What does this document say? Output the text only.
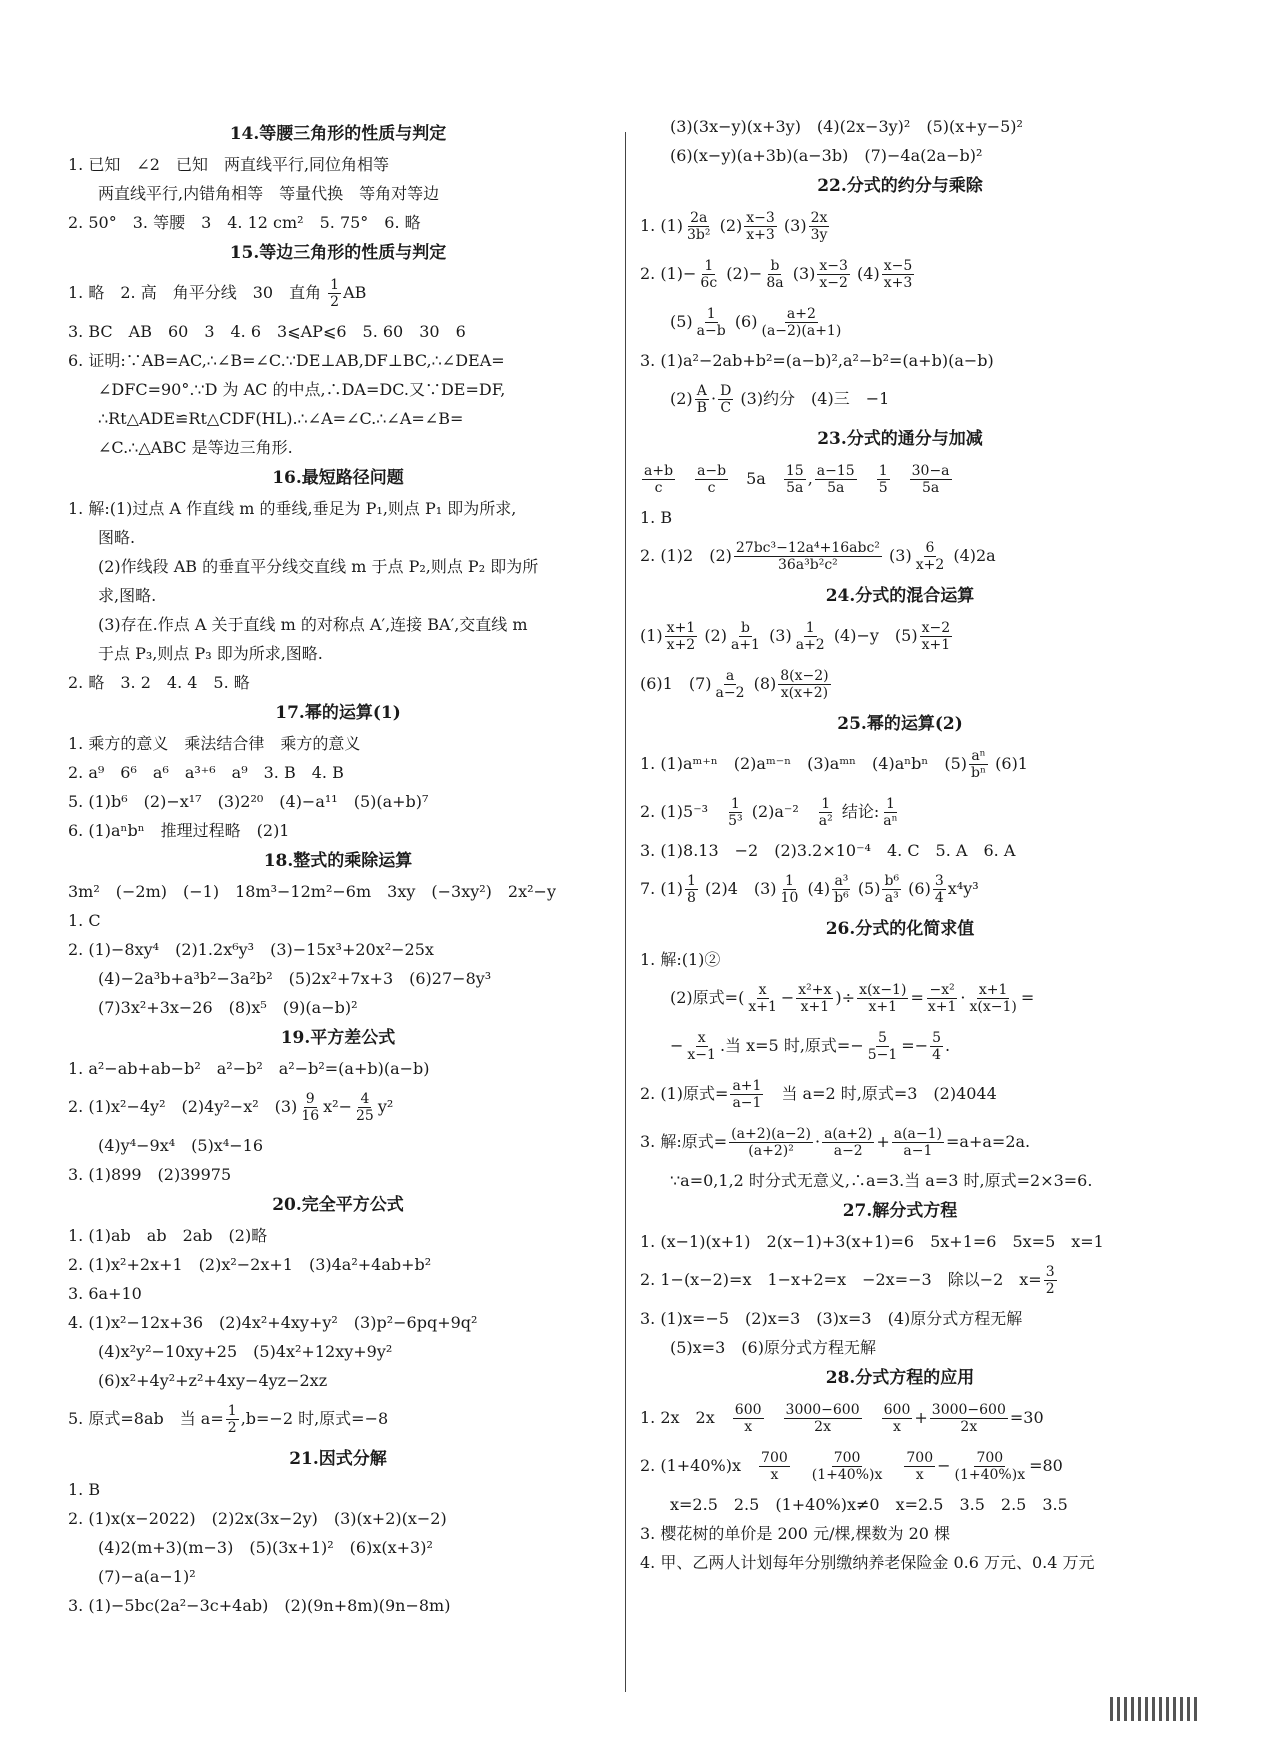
14.等腰三角形的性质与判定
1. 已知　∠2　已知　两直线平行,同位角相等
两直线平行,内错角相等　等量代换　等角对等边
2. 50°　3. 等腰　3　4. 12 cm²　5. 75°　6. 略
15.等边三角形的性质与判定
1. 略　2. 高　角平分线　30　直角 $\frac{1}{2}$ AB
3. BC　AB　60　3　4. 6　3⩽AP⩽6　5. 60　30　6
6. 证明:∵AB=AC,∴∠B=∠C.∵DE⊥AB,DF⊥BC,∴∠DEA=
∠DFC=90°.∵D 为 AC 的中点,∴DA=DC.又∵DE=DF,
∴Rt△ADE≌Rt△CDF(HL).∴∠A=∠C.∴∠A=∠B=
∠C.∴△ABC 是等边三角形.
16.最短路径问题
1. 解:(1)过点 A 作直线 m 的垂线,垂足为 P₁,则点 P₁ 即为所求,
图略.
(2)作线段 AB 的垂直平分线交直线 m 于点 P₂,则点 P₂ 即为所
求,图略.
(3)存在.作点 A 关于直线 m 的对称点 A′,连接 BA′,交直线 m
于点 P₃,则点 P₃ 即为所求,图略.
2. 略　3. 2　4. 4　5. 略
17.幂的运算(1)
1. 乘方的意义　乘法结合律　乘方的意义
2. a⁹　6⁶　a⁶　a³⁺⁶　a⁹　3. B　4. B
5. (1)b⁶　(2)−x¹⁷　(3)2²⁰　(4)−a¹¹　(5)(a+b)⁷
6. (1)aⁿbⁿ　推理过程略　(2)1
18.整式的乘除运算
3m²　(−2m)　(−1)　18m³−12m²−6m　3xy　(−3xy²)　2x²−y
1. C
2. (1)−8xy⁴　(2)1.2x⁶y³　(3)−15x³+20x²−25x
(4)−2a³b+a³b²−3a²b²　(5)2x²+7x+3　(6)27−8y³
(7)3x²+3x−26　(8)x⁵　(9)(a−b)²
19.平方差公式
1. a²−ab+ab−b²　a²−b²　a²−b²=(a+b)(a−b)
2. (1)x²−4y²　(2)4y²−x²　$(3) \frac{9}{16} x^2- \frac{4}{25} y^2$
(4)y⁴−9x⁴　(5)x⁴−16
3. (1)899　(2)39975
20.完全平方公式
1. (1)ab　ab　2ab　(2)略
2. (1)x²+2x+1　(2)x²−2x+1　(3)4a²+4ab+b²
3. 6a+10
4. (1)x²−12x+36　(2)4x²+4xy+y²　(3)p²−6pq+9q²
(4)x²y²−10xy+25　(5)4x²+12xy+9y²
(6)x²+4y²+z²+4xy−4yz−2xz
5. 原式=8ab　当 $a= \frac{1}{2} ,b=-2$ 时,原式=−8
21.因式分解
1. B
2. (1)x(x−2022)　(2)2x(3x−2y)　(3)(x+2)(x−2)
(4)2(m+3)(m−3)　(5)(3x+1)²　(6)x(x+3)²
(7)−a(a−1)²
3. (1)−5bc(2a²−3c+4ab)　(2)(9n+8m)(9n−8m)
(3)(3x−y)(x+3y)　(4)(2x−3y)²　(5)(x+y−5)²
(6)(x−y)(a+3b)(a−3b)　(7)−4a(2a−b)²
22.分式的约分与乘除
1. $(1) \frac{2a}{\text{3b²}} (2) \frac{x-3}{x+3} (3) \frac{2x}{3y}$
2. $(1)- \frac{1}{6c} (2)- \frac{b}{8a} (3) \frac{x-3}{x-2} (4) \frac{x-5}{x+3}$
$(5) \frac{1}{a-b} (6) \frac{a+2}{(a-2)(a+1)}$
3. (1)a²−2ab+b²=(a−b)²,a²−b²=(a+b)(a−b)
$(2) \frac{A}{B} \cdot \frac{D}{C} (3)$约分　(4)三　−1
23.分式的通分与加减
$\frac{a+b}{c}$
　 $\frac{a-b}{c}$
　 5a　 $\frac{15}{5a}$ , $\frac{a-15}{5a}$
　 $\frac{1}{5}$
　 $\frac{30-a}{5a}$
1. B
2. (1)2　$(2) \frac{\text{27bc³−12a⁴+16abc²}}{\text{36a³b²c²}} (3) \frac{6}{x+2} (4)2a$
24.分式的混合运算
$(1) \frac{x+1}{x+2} (2) \frac{b}{a+1} (3) \frac{1}{a+2} (4)-y$　$(5) \frac{x-2}{x+1}$
(6)1　$(7) \frac{a}{a-2} (8) \frac{8(x-2)}{x(x+2)}$
25.幂的运算(2)
1. (1)aᵐ⁺ⁿ　(2)aᵐ⁻ⁿ　(3)aᵐⁿ　(4)aⁿbⁿ　$(5) \frac{\text{aⁿ}}{\text{bⁿ}} (6)1$
2. (1)5⁻³　 $\frac{1}{\text{5³}} (2)a^{-2}$　 $\frac{1}{\text{a²}}$ 结论: $\frac{1}{\text{aⁿ}}$
3. (1)8.13　−2　(2)3.2×10⁻⁴　4. C　5. A　6. A
7. $(1) \frac{1}{8} (2)4$　$(3) \frac{1}{10} (4) \frac{\text{a³}}{\text{b⁶}} (5) \frac{\text{b⁶}}{\text{a³}} (6) \frac{3}{4} x^4y^3$
26.分式的化简求值
1. 解:(1)②
(2)原式=( $\frac{x}{x+1} - \frac{\text{x²+x}}{x+1}$ )÷ $\frac{x(x-1)}{x+1} = \frac{\text{−x²}}{x+1} \cdot \frac{x+1}{x(x-1)}$ =
− $\frac{x}{x-1}$ .当 x=5 时,原式=− $\frac{5}{5-1} =- \frac{5}{4}$ .
2. (1)原式= $\frac{a+1}{a-1}$
　 当 a=2 时,原式=3　(2)4044
3. 解:原式= $\frac{(a+2)(a-2)}{\text{(a+2)²}} \cdot \frac{a(a+2)}{a-2} + \frac{a(a-1)}{a-1} =a+a=2a$.
∵a=0,1,2 时分式无意义,∴a=3.当 a=3 时,原式=2×3=6.
27.解分式方程
1. (x−1)(x+1)　2(x−1)+3(x+1)=6　5x+1=6　5x=5　x=1
2. 1−(x−2)=x　1−x+2=x　−2x=−3　除以−2　$x= \frac{3}{2}$
3. (1)x=−5　(2)x=3　(3)x=3　(4)原分式方程无解
(5)x=3　(6)原分式方程无解
28.分式方程的应用
1. 2x　2x　 $\frac{600}{x}$
　 $\frac{3000-600}{2x}$
　 $\frac{600}{x} + \frac{3000-600}{2x} =30$
2. (1+40%)x　 $\frac{700}{x}$
　 $\frac{700}{(1+40\%)x}$
　 $\frac{700}{x} - \frac{700}{(1+40\%)x} =80$
x=2.5　2.5　(1+40%)x≠0　x=2.5　3.5　2.5　3.5
3. 樱花树的单价是 200 元/棵,棵数为 20 棵
4. 甲、乙两人计划每年分别缴纳养老保险金 0.6 万元、0.4 万元
